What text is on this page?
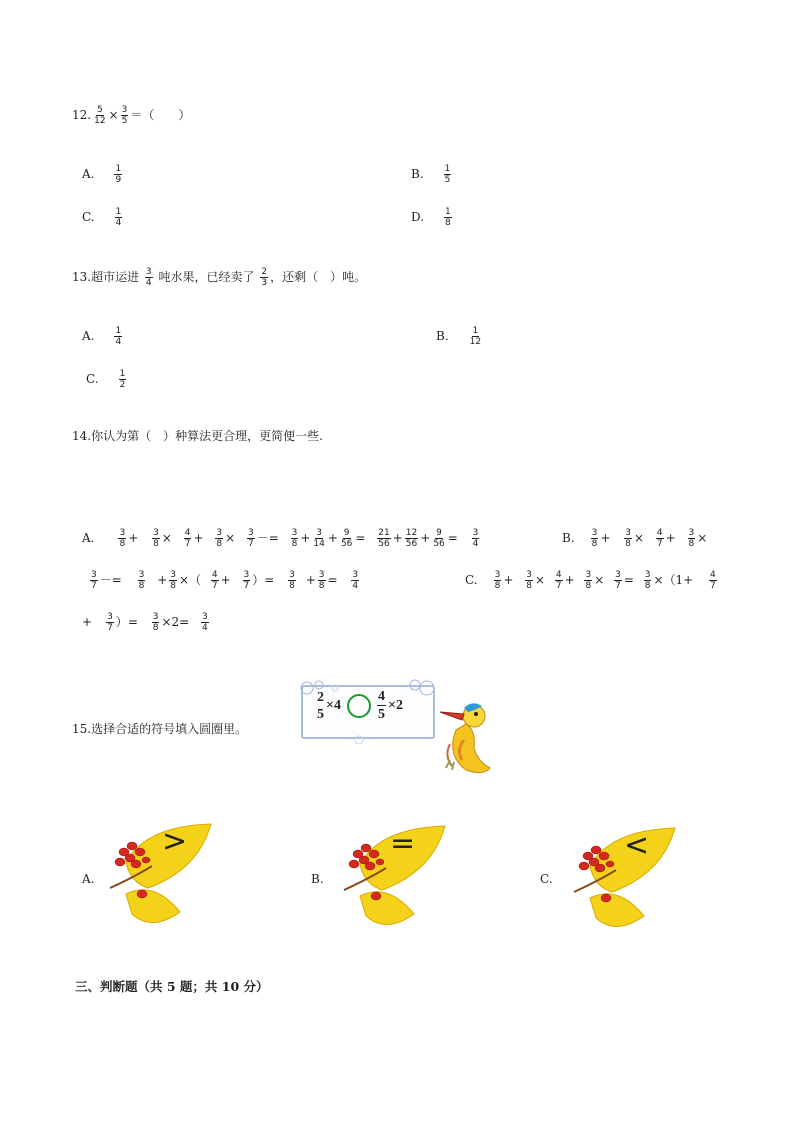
12. $\frac{5}{12} \times \frac{3}{5}$ ＝（　　）
A. $\frac{1}{9}$	B. $\frac{1}{5}$
C. $\frac{1}{4}$	D. $\frac{1}{8}$
13.超市运进 $\frac{3}{4}$ 吨水果，已经卖了 $\frac{2}{3}$ ，还剩（　）吨。
A. $\frac{1}{4}$	B. $\frac{1}{12}$
C. $\frac{1}{2}$
14.你认为第（　）种算法更合理，更简便一些.
A.	$\frac{3}{8} + \frac{3}{8} \times \frac{4}{7} + \frac{3}{8} \times \frac{3}{7} -= \frac{3}{8} + \frac{3}{14} + \frac{9}{56} = \frac{21}{56} + \frac{12}{56} + \frac{9}{56} = \frac{3}{4}$	B. $\frac{3}{8} + \frac{3}{8} \times \frac{4}{7} + \frac{3}{8}$ ×
$\frac{3}{7} -= \frac{3}{8} + \frac{3}{8}$ ×（ $\frac{4}{7} + \frac{3}{7}$ ）= $\frac{3}{8} + \frac{3}{8} = \frac{3}{4}$	C. $\frac{3}{8} + \frac{3}{8} \times \frac{4}{7} + \frac{3}{8} \times \frac{3}{7} = \frac{3}{8} \times(1+ \frac{4}{7}$
+ $\frac{3}{7}$ ）= $\frac{3}{8} \times 2= \frac{3}{4}$
15.选择合适的符号填入圆圈里。
2
5
×4	$\frac{4}{5} \times 2$
A.
>
B.
=
C.
<
三、判断题（共 5 题；共 10 分）
